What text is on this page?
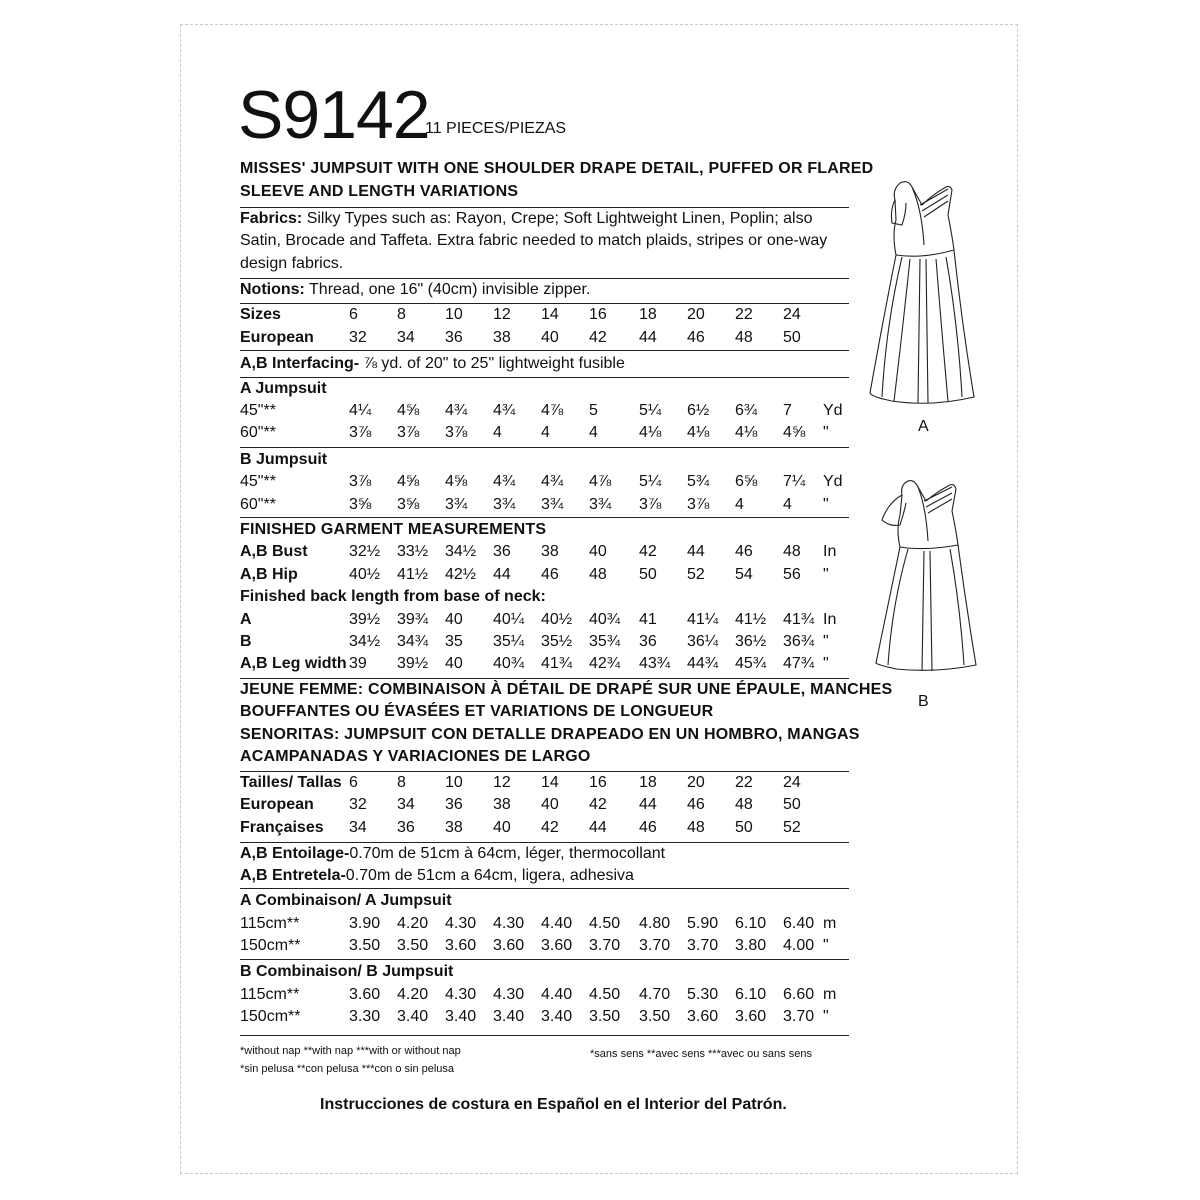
S9142
11 PIECES/PIEZAS
MISSES' JUMPSUIT WITH ONE SHOULDER DRAPE DETAIL, PUFFED OR FLARED
SLEEVE AND LENGTH VARIATIONS
Fabrics: Silky Types such as: Rayon, Crepe; Soft Lightweight Linen, Poplin; also
Satin, Brocade and Taffeta. Extra fabric needed to match plaids, stripes or one-way
design fabrics.
Notions: Thread, one 16" (40cm) invisible zipper.
Sizes	6 8 10 12 14 16 18 20 22 24
European 32 34 36 38 40 42 44 46 48 50
45"**	4¼ 4⅝ 4¾ 4¾ 4⅞ 5	5¼ 6½ 6¾ 7 Yd
60"**	3⅞ 3⅞ 3⅞ 4 4 4	4⅛ 4⅛ 4⅛ 4⅝ "
45"**	3⅞ 4⅝ 4⅝ 4¾ 4¾ 4⅞ 5¼ 5¾ 6⅝ 7¼ Yd
60"**	3⅝ 3⅝ 3¾ 3¾ 3¾ 3¾ 3⅞ 3⅞ 4 4 "
A,B Bust	32½ 33½ 34½ 36 38 40 42 44 46 48 In
A,B Hip	40½ 41½ 42½ 44 46 48 50 52 54 56 "
A	39½ 39¾ 40 40¼ 40½ 40¾ 41 41¼ 41½ 41¾ In
B	34½ 34¾ 35 35¼ 35½ 35¾ 36 36¼ 36½ 36¾ "
A,B Leg width 39 39½ 40 40¾ 41¾ 42¾ 43¾ 44¾ 45¾ 47¾ "
Tailles/ Tallas 6 8 10 12 14 16 18 20 22 24
European 32 34 36 38 40 42 44 46 48 50
Françaises 34 36 38 40 42 44 46 48 50 52
115cm**	3.90 4.20 4.30 4.30 4.40 4.50 4.80 5.90 6.10 6.40 m
150cm**	3.50 3.50 3.60 3.60 3.60 3.70 3.70 3.70 3.80 4.00 "
115cm**	3.60 4.20 4.30 4.30 4.40 4.50 4.70 5.30 6.10 6.60 m
150cm**	3.30 3.40 3.40 3.40 3.40 3.50 3.50 3.60 3.60 3.70 "
A,B Interfacing- ⅞ yd. of 20" to 25" lightweight fusible
A Jumpsuit
B Jumpsuit
FINISHED GARMENT MEASUREMENTS
Finished back length from base of neck:
JEUNE FEMME: COMBINAISON À DÉTAIL DE DRAPÉ SUR UNE ÉPAULE, MANCHES
BOUFFANTES OU ÉVASÉES ET VARIATIONS DE LONGUEUR
SENORITAS: JUMPSUIT CON DETALLE DRAPEADO EN UN HOMBRO, MANGAS
ACAMPANADAS Y VARIACIONES DE LARGO
A,B Entoilage-0.70m de 51cm à 64cm, léger, thermocollant
A,B Entretela-0.70m de 51cm a 64cm, ligera, adhesiva
A Combinaison/ A Jumpsuit
B Combinaison/ B Jumpsuit
*without nap **with nap ***with or without nap
*sin pelusa **con pelusa ***con o sin pelusa
*sans sens **avec sens ***avec ou sans sens
Instrucciones de costura en Español en el Interior del Patrón.
A
B
